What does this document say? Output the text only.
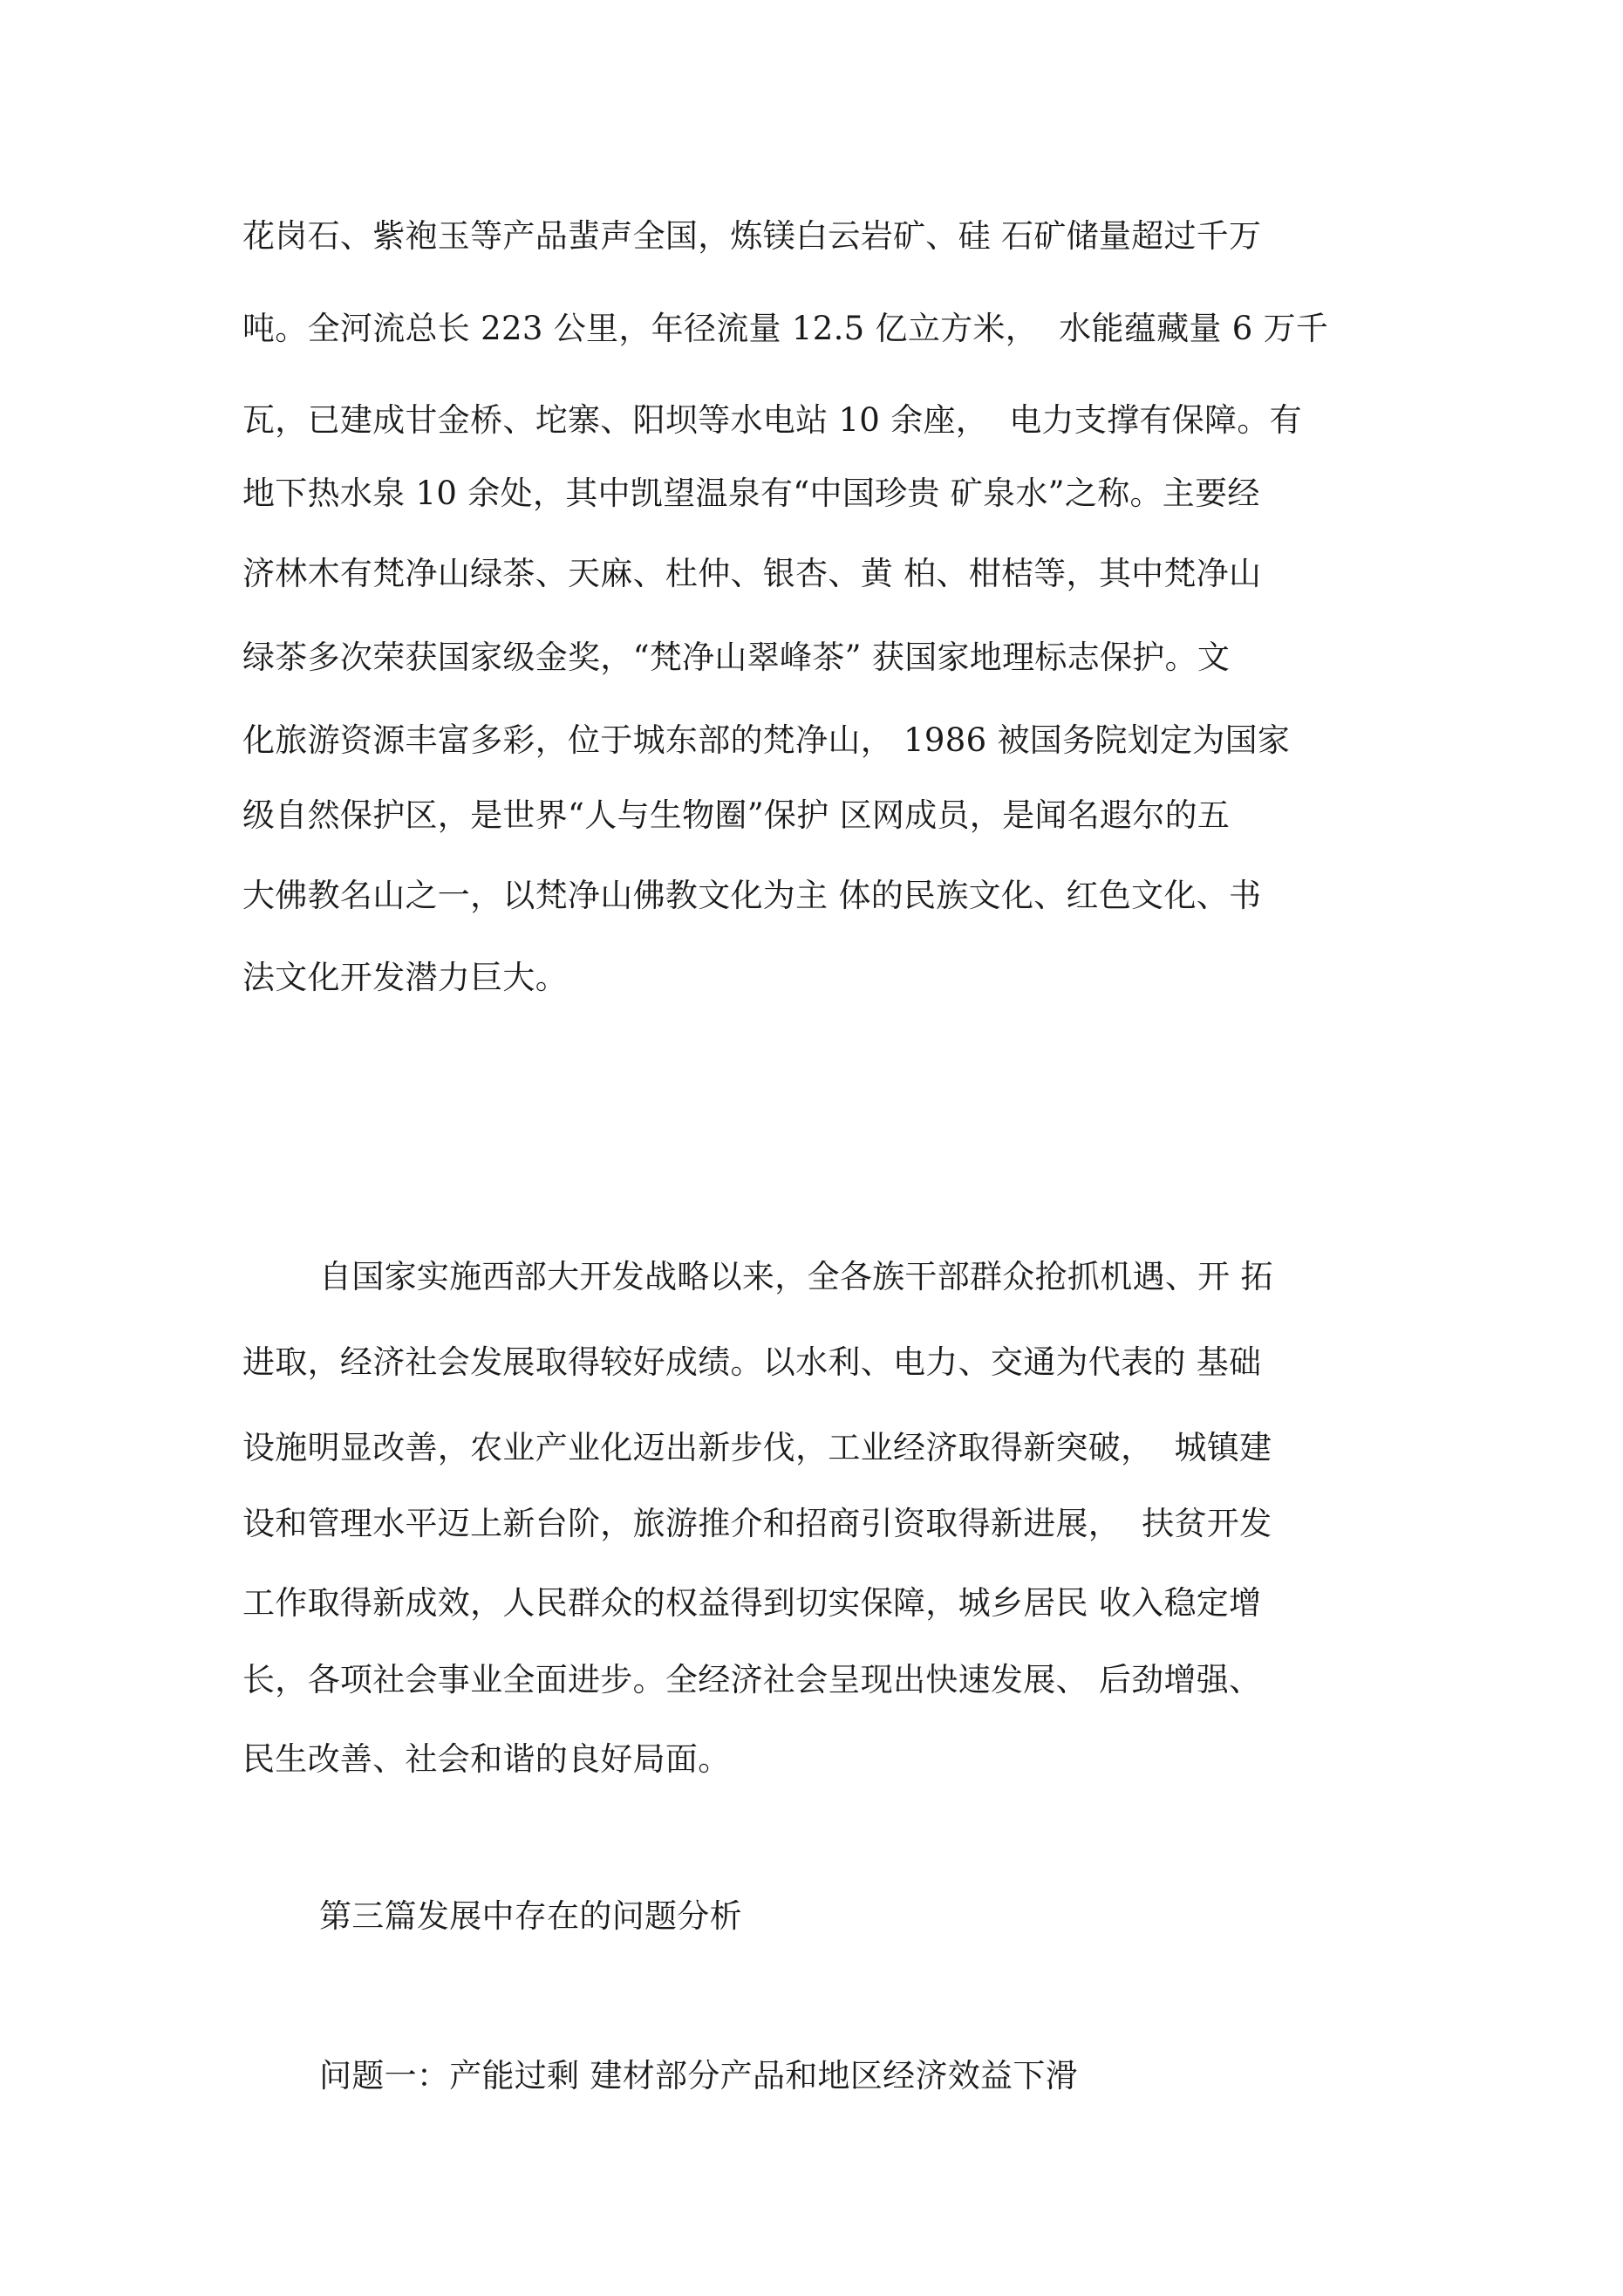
花岗石、紫袍玉等产品蜚声全国，炼镁白云岩矿、硅 石矿储量超过千万

吨。全河流总长 223 公里，年径流量 12.5 亿立方米，  水能蕴藏量 6 万千

瓦，已建成甘金桥、坨寨、阳坝等水电站 10 余座，  电力支撑有保障。有

地下热水泉 10 余处，其中凯望温泉有“中国珍贵 矿泉水”之称。主要经

济林木有梵净山绿茶、天麻、杜仲、银杏、黄 柏、柑桔等，其中梵净山

绿茶多次荣获国家级金奖，“梵净山翠峰茶” 获国家地理标志保护。文

化旅游资源丰富多彩，位于城东部的梵净山， 1986 被国务院划定为国家

级自然保护区，是世界“人与生物圈”保护 区网成员，是闻名遐尔的五

大佛教名山之一，以梵净山佛教文化为主 体的民族文化、红色文化、书

法文化开发潜力巨大。

自国家实施西部大开发战略以来，全各族干部群众抢抓机遇、开 拓

进取，经济社会发展取得较好成绩。以水利、电力、交通为代表的 基础

设施明显改善，农业产业化迈出新步伐，工业经济取得新突破，  城镇建

设和管理水平迈上新台阶，旅游推介和招商引资取得新进展，  扶贫开发

工作取得新成效，人民群众的权益得到切实保障，城乡居民 收入稳定增

长，各项社会事业全面进步。全经济社会呈现出快速发展、 后劲增强、

民生改善、社会和谐的良好局面。

第三篇发展中存在的问题分析

问题一：产能过剩 建材部分产品和地区经济效益下滑
